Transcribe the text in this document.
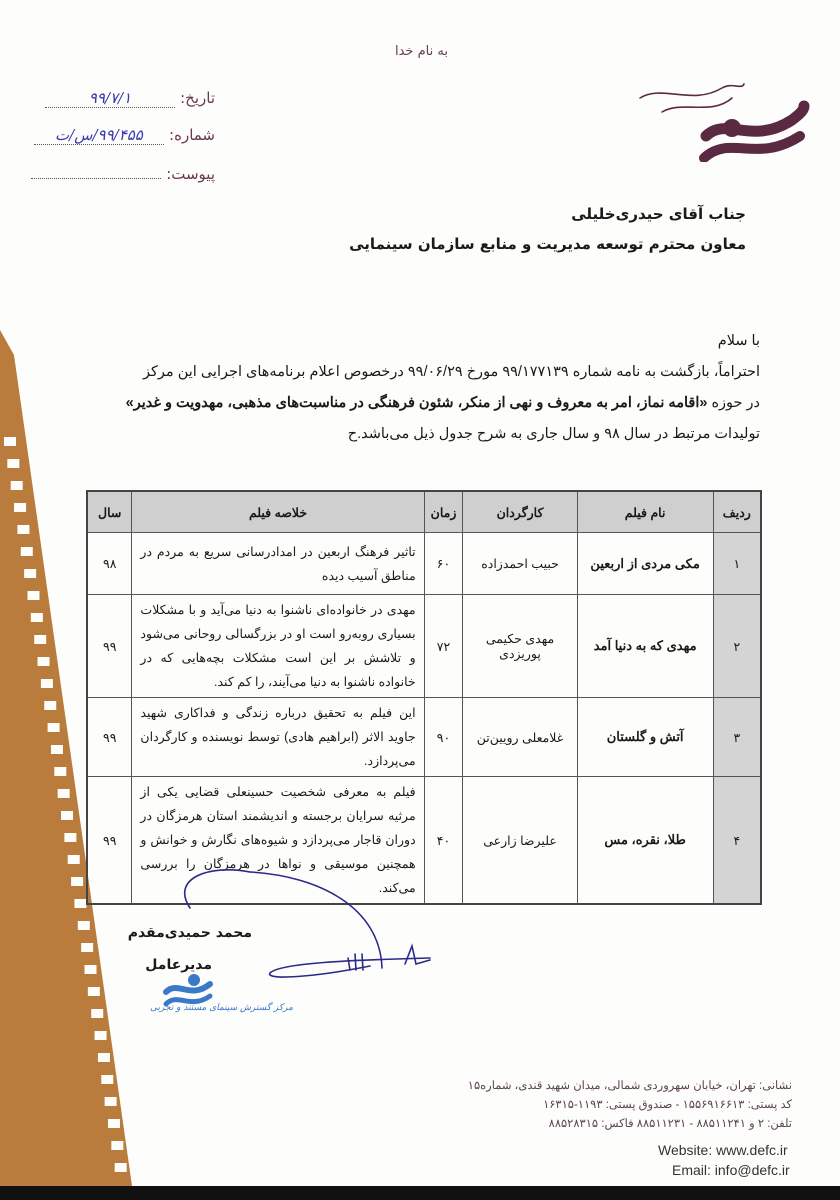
به نام خدا
تاریخ: ۹۹/۷/۱
شماره: ۹۹/۴۵۵/س/ت
پیوست:
جناب آقای حیدری‌خلیلی
معاون محترم توسعه مدیریت و منابع سازمان سینمایی
با سلام
احتراماً، بازگشت به نامه شماره ۹۹/۱۷۷۱۳۹ مورخ ۹۹/۰۶/۲۹ درخصوص اعلام برنامه‌های اجرایی این مرکز
در حوزه «اقامه نماز، امر به معروف و نهی از منکر، شئون فرهنگی در مناسبت‌های مذهبی، مهدویت و غدیر»
تولیدات مرتبط در سال ۹۸ و سال جاری به شرح جدول ذیل می‌باشد.ح
ردیف	نام فیلم	کارگردان	زمان	خلاصه فیلم	سال
۱	مکی مردی از اربعین	حبیب احمدزاده	۶۰	تاثیر فرهنگ اربعین در امدادرسانی سریع به مردم در مناطق آسیب دیده	۹۸
۲	مهدی که به دنیا آمد	مهدی حکیمی پوریزدی	۷۲	مهدی در خانواده‌ای ناشنوا به دنیا می‌آید و با مشکلات بسیاری روبه‌رو است او در بزرگسالی روحانی می‌شود و تلاشش بر این است مشکلات بچه‌هایی که در خانواده ناشنوا به دنیا می‌آیند، را کم کند.	۹۹
۳	آتش و گلستان	غلامعلی رویین‌تن	۹۰	این فیلم به تحقیق درباره زندگی و فداکاری شهید جاوید الاثر (ابراهیم هادی) توسط نویسنده و کارگردان می‌پردازد.	۹۹
۴	طلا، نقره، مس	علیرضا زارعی	۴۰	فیلم به معرفی شخصیت حسینعلی قضایی یکی از مرثیه سرایان برجسته و اندیشمند استان هرمزگان در دوران قاجار می‌پردازد و شیوه‌های نگارش و خوانش و همچنین موسیقی و نواها در هرمزگان را بررسی می‌کند.	۹۹
محمد حمیدی‌مقدم
مدیرعامل
مرکز گسترش سینمای مستند و تجربی
نشانی: تهران، خیابان سهروردی شمالی، میدان شهید قندی، شماره۱۵
کد پستی: ۱۵۵۶۹۱۶۶۱۳ - صندوق پستی: ۱۱۹۳-۱۶۳۱۵
تلفن: ۲ و ۸۸۵۱۱۲۴۱ - ۸۸۵۱۱۲۳۱ فاکس: ۸۸۵۲۸۳۱۵
Website: www.defc.ir
Email: info@defc.ir
